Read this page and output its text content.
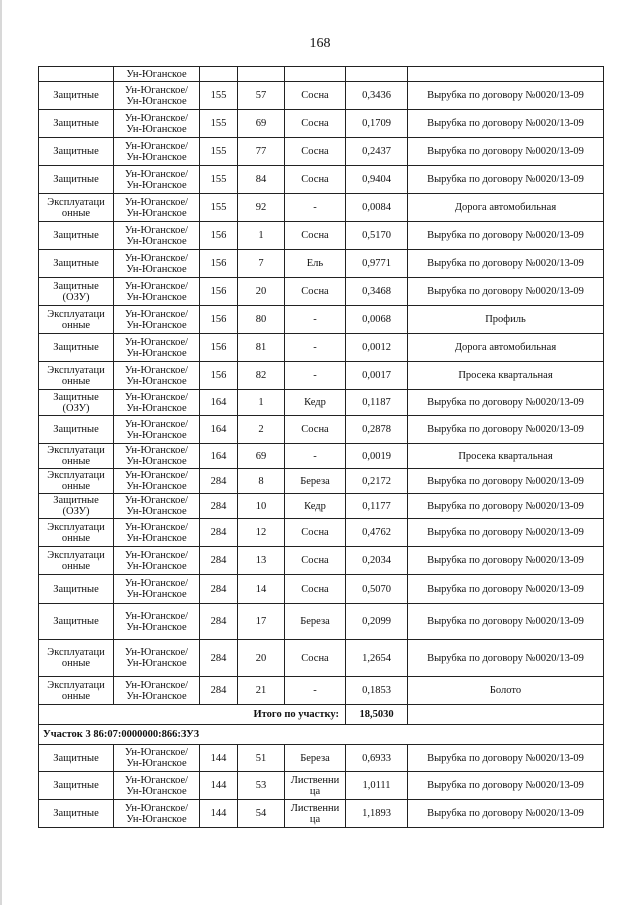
168
	Ун-Юганское					
Защитные	Ун-Юганское/ Ун-Юганское	155	57	Сосна	0,3436	Вырубка по договору №0020/13-09
Защитные	Ун-Юганское/ Ун-Юганское	155	69	Сосна	0,1709	Вырубка по договору №0020/13-09
Защитные	Ун-Юганское/ Ун-Юганское	155	77	Сосна	0,2437	Вырубка по договору №0020/13-09
Защитные	Ун-Юганское/ Ун-Юганское	155	84	Сосна	0,9404	Вырубка по договору №0020/13-09
Эксплуатаци онные	Ун-Юганское/ Ун-Юганское	155	92	-	0,0084	Дорога автомобильная
Защитные	Ун-Юганское/ Ун-Юганское	156	1	Сосна	0,5170	Вырубка по договору №0020/13-09
Защитные	Ун-Юганское/ Ун-Юганское	156	7	Ель	0,9771	Вырубка по договору №0020/13-09
Защитные (ОЗУ)	Ун-Юганское/ Ун-Юганское	156	20	Сосна	0,3468	Вырубка по договору №0020/13-09
Эксплуатаци онные	Ун-Юганское/ Ун-Юганское	156	80	-	0,0068	Профиль
Защитные	Ун-Юганское/ Ун-Юганское	156	81	-	0,0012	Дорога автомобильная
Эксплуатаци онные	Ун-Юганское/ Ун-Юганское	156	82	-	0,0017	Просека квартальная
Защитные (ОЗУ)	Ун-Юганское/ Ун-Юганское	164	1	Кедр	0,1187	Вырубка по договору №0020/13-09
Защитные	Ун-Юганское/ Ун-Юганское	164	2	Сосна	0,2878	Вырубка по договору №0020/13-09
Эксплуатаци онные	Ун-Юганское/ Ун-Юганское	164	69	-	0,0019	Просека квартальная
Эксплуатаци онные	Ун-Юганское/ Ун-Юганское	284	8	Береза	0,2172	Вырубка по договору №0020/13-09
Защитные (ОЗУ)	Ун-Юганское/ Ун-Юганское	284	10	Кедр	0,1177	Вырубка по договору №0020/13-09
Эксплуатаци онные	Ун-Юганское/ Ун-Юганское	284	12	Сосна	0,4762	Вырубка по договору №0020/13-09
Эксплуатаци онные	Ун-Юганское/ Ун-Юганское	284	13	Сосна	0,2034	Вырубка по договору №0020/13-09
Защитные	Ун-Юганское/ Ун-Юганское	284	14	Сосна	0,5070	Вырубка по договору №0020/13-09
Защитные	Ун-Юганское/ Ун-Юганское	284	17	Береза	0,2099	Вырубка по договору №0020/13-09
Эксплуатаци онные	Ун-Юганское/ Ун-Юганское	284	20	Сосна	1,2654	Вырубка по договору №0020/13-09
Эксплуатаци онные	Ун-Юганское/ Ун-Юганское	284	21	-	0,1853	Болото
Итого по участку:					18,5030	
Участок 3 86:07:0000000:866:ЗУ3						
Защитные	Ун-Юганское/ Ун-Юганское	144	51	Береза	0,6933	Вырубка по договору №0020/13-09
Защитные	Ун-Юганское/ Ун-Юганское	144	53	Лиственни ца	1,0111	Вырубка по договору №0020/13-09
Защитные	Ун-Юганское/ Ун-Юганское	144	54	Лиственни ца	1,1893	Вырубка по договору №0020/13-09
